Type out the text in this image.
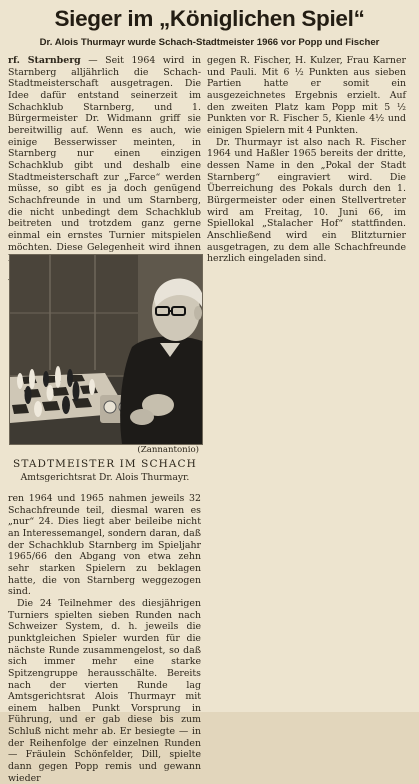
Sieger im „Königlichen Spiel“
Dr. Alois Thurmayr wurde Schach-Stadtmeister 1966 vor Popp und Fischer

rf. Starnberg — Seit 1964 wird in Starnberg alljährlich die Schach-Stadtmeisterschaft ausgetragen. Die Idee dafür entstand seinerzeit im Schachklub Starnberg, und 1. Bürgermeister Dr. Widmann griff sie bereitwillig auf. Wenn es auch, wie einige Besserwisser meinten, in Starnberg nur einen einzigen Schachklub gibt und deshalb eine Stadtmeisterschaft zur „Farce“ werden müsse, so gibt es ja doch genügend Schachfreunde in und um Starnberg, die nicht unbedingt dem Schachklub beitreten und trotzdem ganz gerne einmal ein ernstes Turnier mitspielen möchten. Diese Gelegenheit wird ihnen

(Zannantonio)
STADTMEISTER IM SCHACH
Amtsgerichtsrat Dr. Alois Thurmayr.

ren 1964 und 1965 nahmen jeweils 32 Schachfreunde teil, diesmal waren es „nur“ 24. Dies liegt aber beileibe nicht an Interessemangel, sondern daran, daß der Schachklub Starnberg im Spieljahr 1965/66 den Abgang von etwa zehn sehr starken Spielern zu beklagen hatte, die von Starnberg weggezogen sind.

Die 24 Teilnehmer des diesjährigen Turniers spielten sieben Runden nach Schweizer System, d. h. jeweils die punktgleichen Spieler wurden für die nächste Runde zusammengelost, so daß sich immer mehr eine starke Spitzengruppe herausschälte. Bereits nach der vierten Runde lag Amtsgerichtsrat Alois Thurmayr mit einem halben Punkt Vorsprung in Führung, und er gab diese bis zum Schluß nicht mehr ab. Er besiegte — in der Reihenfolge der einzelnen Runden — Fräulein Schönfelder, Dill, spielte dann gegen Popp remis und gewann wieder

gegen R. Fischer, H. Kulzer, Frau Karner und Pauli. Mit 6 ½ Punkten aus sieben Partien hatte er somit ein ausgezeichnetes Ergebnis erzielt. Auf den zweiten Platz kam Popp mit 5 ½ Punkten vor R. Fischer 5, Kienle 4½ und einigen Spielern mit 4 Punkten.

Dr. Thurmayr ist also nach R. Fischer 1964 und Haßler 1965 bereits der dritte, dessen Name in den „Pokal der Stadt Starnberg“ eingraviert wird. Die Überreichung des Pokals durch den 1. Bürgermeister oder einen Stellvertreter wird am Freitag, 10. Juni 66, im Spiellokal „Stalacher Hof“ stattfinden. Anschließend wird ein Blitzturnier ausgetragen, zu dem alle Schachfreunde herzlich eingeladen sind.
